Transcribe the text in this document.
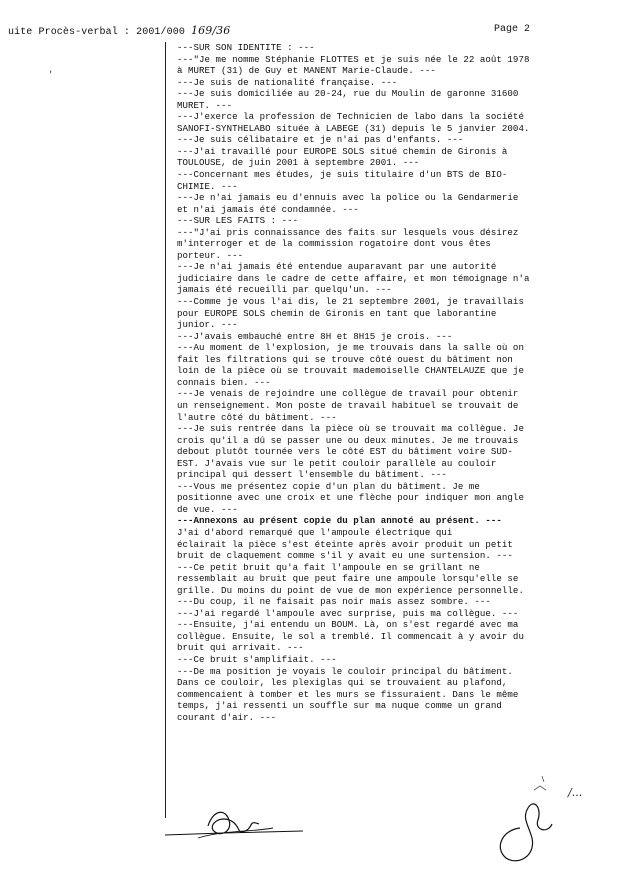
uite Procès-verbal : 2001/000 169/36	Page 2
'
---SUR SON IDENTITE : ---
---"Je me nomme Stéphanie FLOTTES et je suis née le 22 août 1978
à MURET (31) de Guy et MANENT Marie-Claude. ---
---Je suis de nationalité française. ---
---Je suis domiciliée au 20-24, rue du Moulin de garonne 31600
MURET. ---
---J'exerce la profession de Technicien de labo dans la société
SANOFI-SYNTHELABO située à LABEGE (31) depuis le 5 janvier 2004.
---Je suis célibataire et je n'ai pas d'enfants. ---
---J'ai travaillé pour EUROPE SOLS situé chemin de Gironis à
TOULOUSE, de juin 2001 à septembre 2001. ---
---Concernant mes études, je suis titulaire d'un BTS de BIO-
CHIMIE. ---
---Je n'ai jamais eu d'ennuis avec la police ou la Gendarmerie
et n'ai jamais été condamnée. ---
---SUR LES FAITS : ---
---"J'ai pris connaissance des faits sur lesquels vous désirez
m'interroger et de la commission rogatoire dont vous êtes
porteur. ---
---Je n'ai jamais été entendue auparavant par une autorité
judiciaire dans le cadre de cette affaire, et mon témoignage n'a
jamais été recueilli par quelqu'un. ---
---Comme je vous l'ai dis, le 21 septembre 2001, je travaillais
pour EUROPE SOLS chemin de Gironis en tant que laborantine
junior. ---
---J'avais embauché entre 8H et 8H15 je crois. ---
---Au moment de l'explosion, je me trouvais dans la salle où on
fait les filtrations qui se trouve côté ouest du bâtiment non
loin de la pièce où se trouvait mademoiselle CHANTELAUZE que je
connais bien. ---
---Je venais de rejoindre une collègue de travail pour obtenir
un renseignement. Mon poste de travail habituel se trouvait de
l'autre côté du bâtiment. ---
---Je suis rentrée dans la pièce où se trouvait ma collègue. Je
crois qu'il a dû se passer une ou deux minutes. Je me trouvais
debout plutôt tournée vers le côté EST du bâtiment voire SUD-
EST. J'avais vue sur le petit couloir parallèle au couloir
principal qui dessert l'ensemble du bâtiment. ---
---Vous me présentez copie d'un plan du bâtiment. Je me
positionne avec une croix et une flèche pour indiquer mon angle
de vue. ---
---Annexons au présent copie du plan annoté au présent. ---
J'ai d'abord remarqué que l'ampoule électrique qui
éclairait la pièce s'est éteinte après avoir produit un petit
bruit de claquement comme s'il y avait eu une surtension. ---
---Ce petit bruit qu'a fait l'ampoule en se grillant ne
ressemblait au bruit que peut faire une ampoule lorsqu'elle se
grille. Du moins du point de vue de mon expérience personnelle.
---Du coup, il ne faisait pas noir mais assez sombre. ---
---J'ai regardé l'ampoule avec surprise, puis ma collègue. ---
---Ensuite, j'ai entendu un BOUM. Là, on s'est regardé avec ma
collègue. Ensuite, le sol a tremblé. Il commencait à y avoir du
bruit qui arrivait. ---
---Ce bruit s'amplifiait. ---
---De ma position je voyais le couloir principal du bâtiment.
Dans ce couloir, les plexiglas qui se trouvaient au plafond,
commencaient à tomber et les murs se fissuraient. Dans le même
temps, j'ai ressenti un souffle sur ma nuque comme un grand
courant d'air. ---
/...
